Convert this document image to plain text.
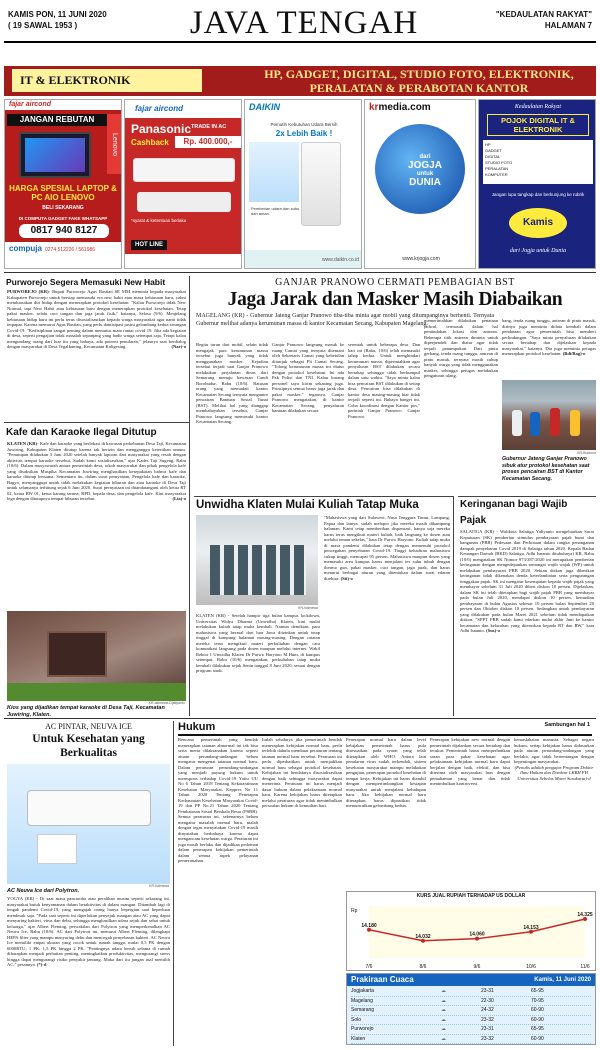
KAMIS PON, 11 JUNI 2020
( 19 SAWAL 1953 )	JAVA TENGAH	"KEDAULATAN RAKYAT"
HALAMAN 7
IT & ELEKTRONIK	HP, GADGET, DIGITAL, STUDIO FOTO, ELEKTRONIK,
PERALATAN & PERABOTAN KANTOR
fajar aircond
JANGAN REBUTAN
Lenovo
HARGA SPESIAL LAPTOP & PC AIO LENOVO
BELI SEKARANG
DI COMPUTA GADGET FAKE WHATSAPP
0817 940 8127
compuja 0274 512226 / 561986
fajar aircond
Panasonic
Cashback
TRADE IN AC
Rp. 400.000,-
*syarat & ketentuan berlaku
HOT LINE
DAIKIN
Pemutih Kebutuhan Udara Bersih
2x Lebih Baik !
Pemberian udara dan suhu dan aman
www.daikin.co.id
krmedia.com
dari
JOGJA
untuk
DUNIA
www.krjogja.com
Kedaulatan Rakyat
POJOK DIGITAL IT & ELEKTRONIK
HP
GADGET
DIGITAL
STUDIO FOTO
PERALATAN
KOMPUTER
Jangan lupa tangkap dan berkunjung ke rubrik
Kamis
dari Jogja untuk Dunia
Purworejo Segera Memasuki New Habit
PURWOREJO (KR)- Bupati Purworejo Agus Bastian SE MM meminta kepada masyarakat Kabupaten Purworejo untuk bersiap memasuki era new habit atau masa kebiasaan baru, yakni membiasakan diri hidup dengan menerapkan protokol kesehatan. "Kalau Purworejo tidak New Normal, tapi New Habit atau kebiasaan baru dengan menerapkan protokol kesehatan. Tetap pakai masker, selalu cuci tangan dan jaga jarak fisik," katanya, Selasa (9/6). Menjelang kebiasaan hidup baru ini perlu terus disosialisasikan kepada warga masyarakat agar nanti tidak terpapar. Karena memurut Agus Bastian, yang perlu dantisipasi justru gelombang kedua serangan Covid-19. "Kedisiplinan sangat penting dalam memutus mata rantai covid 19. Jika ada kegiatan di desa, seperti pengajian tidak masalah sepanjang yang hadir warga setempat saja. Tetapi kalau mengundang orang dari luar itu yang bahaya, ada potensi penularan," jelasnya saat berdialog dengan masyarakat di Desa Tegalkuning, Kecamatan Kaligesing.	(Nar)-o
Kafe dan Karaoke Ilegal Ditutup
KLATEN (KR)- Kafe dan karaoke yang berlokasi di kawasan perkebunan Desa Taji, Kecamatan Juwiring, Kabupaten Klaten ditutup karena tak berizin dan mengganggu ketertiban umum. "Penutupan dilakukan 3 Juni 2020 setelah banyak laporan dari masyarakat yang resah dengan aktivitas tempat karaoke tersebut. Sudah kami sosialisasikan," ujar Kades Taji Sugeng, Rabu (10/6). Dalam musyawarah antara pemerintah desa, tokoh masyarakat dan pihak pengelola kafe yang disaksikan Muspika Kecamatan Juwiring menghasilkan kesepakatan bahwa kafe dan karaoke ditutup bersama. Sementara itu, dalam surat pernyataan, Pengelola kafe dan karaoke, Bagyo, menyanggupi untuk tidak melakukan kegiatan hiburan dan atau karaoke di Desa Taji untuk selamanya terhitung sejak 6 Juni 2020. Surat pernyataan ini ditandatangani oleh ketua RT 02, ketua RW 01, ketua karang taruna, BPD, kepala desa, dan pengelola kafe. Kini masyarakat lega dengan ditutupnya tempat hiburan tersebut.	(Lia)-o
KR-Istimewa Djatiyanto
Kios yang dijadikan tempat karaoke di Desa Taji, Kecamatan Juwiring, Klaten.
GANJAR PRANOWO CERMATI PEMBAGIAN BST
Jaga Jarak dan Masker Masih Diabaikan
MAGELANG (KR) - Gubernur Jateng Ganjar Pranowo tiba-tiba minta agar mobil yang ditumpanginya berhenti. Ternyata Gubernur melihat adanya kerumunan massa di kantor Kecamatan Secang, Kabupaten Magelang.
Begitu turun dari mobil, selain tidak mengajak para kerumunan massa tersebut juga banyak yang tidak menggunakan masker. Kejadian tersebut terjadi saat Ganjar Pranowo melakukan perjalanan dinas dari Semarang menuju kawasan Candi Borobudur, Rabu (10/6). Ratusan orang yang memadati kantor Kecamatan Secang ternyata mengantre pencairan Bantuan Sosial Tunai (BST). Melihat hal yang dianggap membahayakan tersebut, Ganjar Pranowo langsung memasuki kantor Kecamatan Secang.
Ganjar Pranowo langsung masuk ke ruang Camat yang ternyata ditemani oleh Sekretaris Camat yang kebetulan ditunjuk sebagai Plt Camat Secang. "Tolong kerumunan massa ini diatur dengan protokol kesehatan. Ini ada Pak Polisi dan TNI. Kalau kurang personel saya kirim sekarang juga. Prinsipnya semua harus jaga jarak dan pakai masker," tegasnya. Ganjar Pranowo mengatakan, di kantor Kecamatan Secang, penyaluran bantuan dilakukan secara
serentak untuk beberapa desa. Dan hari ini (Rabu, 10/6) telah memasuki tahap kedua. Untuk menghindari kerumunan massa, diperintahkan agar penyaluran BST dilakukan secara bertahap sehingga tidak berkumpul dalam satu waktu. "Saya minta kalau bisa pencairan BST dilakukan di setiap desa. Pencairan bisa dilakukan di kantor desa masing-masing biar tidak terjadi seperti ini. Bahaya banget ini. Coba koordinasi dengan Kantor pos," perintah Ganjar Pranowo. Ganjar Pranowo
memerintahkan dilakukan penataan jadwal, termasuk dalam hal pemindahan lokasi dan antrean. Beberapa titik antrean diminta untuk diperpendek dan diatur agar tidak terjadi penumpukan. Dari pintu gerbang, tenda ruang tunggu, antrean di pintu masuk, ternyata masih cukup banyak warga yang tidak menggunakan masker, sehingga petugas melakukan pengaturan ulang.
bang, tenda ruang tunggu, antrean di pintu masuk, dirinya juga meminta didata kembali dalam pendataan agar pemerintah bisa memberi perlindungan. "Saya minta penyaluran dilakukan secara bertahap dan dijelaskan kepada masyarakat," katanya. Dia juga meminta petugas menerapkan protokol kesehatan. (Bdi/Bag)-o
KR-Budiono
Gubernur Jateng Ganjar Pranowo sibuk atur protokol kesehatan saat proses pencairan BST di Kantor Kecamatan Secang.
Unwidha Klaten Mulai Kuliah Tatap Muka
KR-Istimewa
KLATEN (KR) - Setelah hampir tiga bulan kampus lockdown, Universitas Widya Dharma (Unwidha) Klaten, kini mulai melakukan kuliah tatap muka kembali. Namun demikian, para mahasiswa yang berasal dari luar Jawa diizinkan untuk tetap tinggal di kampung halaman masing-masing. Dengan catatan mereka terus mengikuti materi perkuliahan dengan cara komunikasi langsung pada dosen maupun melalui internet. Wakil Rektor I Unwidha Klaten Dr Purwo Haryono M.Hum, di kampus setempat, Rabu (10/6) mengatakan, perkuliahan tatap muka kembali dilakukan sejak Senin tanggal 8 Juni 2020, sesuai dengan program studi.
"Mahasiswa yang dari Sulawesi, Nusa Tenggara Timur, Lampung, Papua dan lainya, sudah melapor jika mereka masih dikampung halaman. Kami tetap memberikan dispensasi, hanya saja mereka harus terus mengikuti materi kuliah, baik langsung ke dosen atau melalui teman sekelas," kata Dr Purwo Haryono. Kuliah tatap muka di masa pandemi dilakukan tetap dengan memenuhi protokol pencegahan penyebaran Covid-19. Tinggi kehadiran mahasiswa cukup tinggi, mencapai 95 persen. Mahasiswa maupun dosen yang memasuki area kampus harus menjalani tes suhu tubuh dengan thermo gun, pakai masker, cuci tangan, jaga jarak, dan harus menurut berbagai aturan yang ditentukan dalam surat edaran direktor. (Sit)-o
Keringanan bagi Wajib Pajak
SALATIGA (KR) - Walikota Salatiga Yuliyanto mengeluarkan Surat Keputusan (SK) pemberian stimulus pembayaran pajak bumi dan bangunan (PBB) Pedesaan dan Perkotaan dalam rangka penanganan dampak penyebaran Covid 2019 di Salatiga tahun 2020. Kepala Badan Keuangan Daerah (BKD) Salatiga, Adhi Isnanto ditubuhnya) KR, Rabu (10/6) mengatakan SK Nomor 973/387/2020 ini merupakan pemberian keringanan dengan mengedepankan semangat wajib wajak (WP) untuk melakukan pembayaran PBB 2020. Sekian diskon juga diberikan keringanan tidak dikenakan denda keterlambatan serta pengurangan tunggakan pajak. SK ini mengatur kesempatan kepada wajib pajak yang membayar sebelum 31 Juli 2020 diberi diskon 10 persen. Dijelaskan, dalam SK ini telah ditetapkan bagi wajib pajak PBB yang membayar pada bulan Juli 2020, mendapat diskon 10 persen, kemudian pembayaran di bulan Agustus sebesar 10 persen bulan September 20 persen dan Oktober diskon 10 persen. Sedangkan untuk pembayaran yang dilakukan pada bulan Maret 2021 sebelum tidak mendapatkan diskon. "SPPT PBB sudah kami edarkan mulai akhir Juni ke kantor kecamatan dan kelurahan yang diteruskan kepada RT dan RW," kata Adhi Isnanto. (Sus)-o
AC PINTAR, NEUVA ICE
Untuk Kesehatan yang Berkualitas
KR-Istimewa
AC Neuva Ice dari Polytron.
YOGYA (KR) - Di saat masa pancaroba atau peralihan musim seperti sekarang ini, masyarakat butuh kenyamanan dalam beraktivitas di dalam ruangan. Ditambah lagi di tengah pandemi Covid-19, yang mengajak orang hanya bepergian saat keperluan mendesak saja. "Pada saat seperti ini diperlukan penyejuk ruangan atau AC yang dapat menyaring bakteri, virus dan debu, sehingga menghasilkan udara sejuk dan sehat untuk keluarga," ujar Albert Fleming, perwakilan dari Polytron yang memperkenalkan AC Neuva Ice, Rabu (10/6). AC dari Polytron ini, menurut Albert Fleming, dilengkapi HEPA filter yang mampu menyaring debu dan mencegah penyebaran bakteri. AC Neuva Ice memiliki empat ukuran yang cocok untuk rumah tangga, mulai 0,5 PK dengan 6000BTU; 1 PK; 1,5 PK hingga 2 PK. "Pentingnya udara bersih selama di rumah diharapkan menjadi perhatian penting, meningkatkan produktivitas, mengurangi stress hingga dapat mengurangi risiko penyakit jantung. Maka dari itu jangan asal memilih AC," pesannya. (*)-d
Hukum	Sambungan hal 1
Rencana pemerintah yang hendak menerapkan tatanan abnormal ini tak bisa serta merta dilaksanakan karena seperti aturan perundang-undangan belum mengatur mengenai tatanan normal baru. Dalam peraturan perundang-undangan yang menjadi payung hukum untuk merespons terhadap Covid-19 Yaitu UU No 6 Tahun 2018 Tentang Kekarantinaan Kesehatan Masyarakat, Keppres No 11 Tahun 2020 Tentang Penetapan Kedaruratan Kesehatan Masyarakat Covid-19 dan PP No.21 Tahun 2020 Tentang Pembatasan Sosial Berskala Besar (PSBB). Semua peraturan ini, sebenarnya belum mengatur masalah normal baru, malah dengan tegas menyatakan Covid-19 masih dinyatakan berbahaya karena dapat mengancam kesehatan warga. Peraturan ini juga masih berlaku dan dijadikan pedoman dalam penerapan kebijakan pemerintah dalam semua aspek pelayanan pemerintahan.
Itulah sebabnya jika pemerintah hendak menerapkan kebijakan normal baru, perlu terlebih dahulu membuat peraturan tentang tatanan normal baru tersebut. Peraturan ini perlu diperhatikan untuk menjadikan normal baru sebagai protokol kesehatan. Kebijakan ini hendaknya disosialisasikan dengan baik sehingga masyarakat dapat menerima. Peraturan ini harus menjadi dasar hukum dalam pelaksanaan normal baru. Karena kebijakan harus ditetapkan melalui peraturan agar tidak menimbulkan persoalan hukum di kemudian hari.
Penerapan normal baru dalam level kebijakan pemerintah harus pula disesuaikan pada syarat yang telah ditetapkan oleh WHO. Antara lain penularan virus sudah terkendali, sistem kesehatan masyarakat mampu melakukan pengujian, penerapan protokol kesehatan di tempat kerja. Kebijakan ini harus diambil dengan mempertimbangkan kesiapan masyarakat untuk menjalani kehidupan baru. Jika kebijakan normal baru diterapkan, harus dipastikan tidak memunculkan gelombang kedua.
Penerapan kebijakan new normal dengan pemerintah dijalankan secara bertahap dan terukur. Pemerintah harus memperhatikan saran para pakar kesehatan agar pelaksanaan kebijakan normal baru dapat berjalan dengan baik, efektif, dan bisa diterima oleh masyarakat luas dengan pemahaman yang benar dan tidak menimbulkan kontroversi.
kemaslahatan manusia. Sebagai negara hukum, setiap kebijakan harus didasarkan pada aturan perundang-undangan yang berlaku, agar tidak bertentangan dengan kepentingan masyarakat.
(Penulis adalah pengajar Program Doktor Ilmu Hukum dan Direktur LKBH FH Universitas Sebelas Maret Surakarta)-d
KURS JUAL RUPIAH TERHADAP US DOLLAR
14.180
7/6
14.032
8/6
14.060
9/6
14.153
10/6
14.325
11/6
Rp
Prakiraan Cuaca	Kamis, 11 Juni 2020
Jogjakarta	☁	23-31	65-95
Magelang	☁	22-30	70-95
Semarang	☁	24-32	60-90
Solo	☁	23-32	60-90
Purworejo	☁	23-31	65-95
Klaten	☁	23-32	60-90
